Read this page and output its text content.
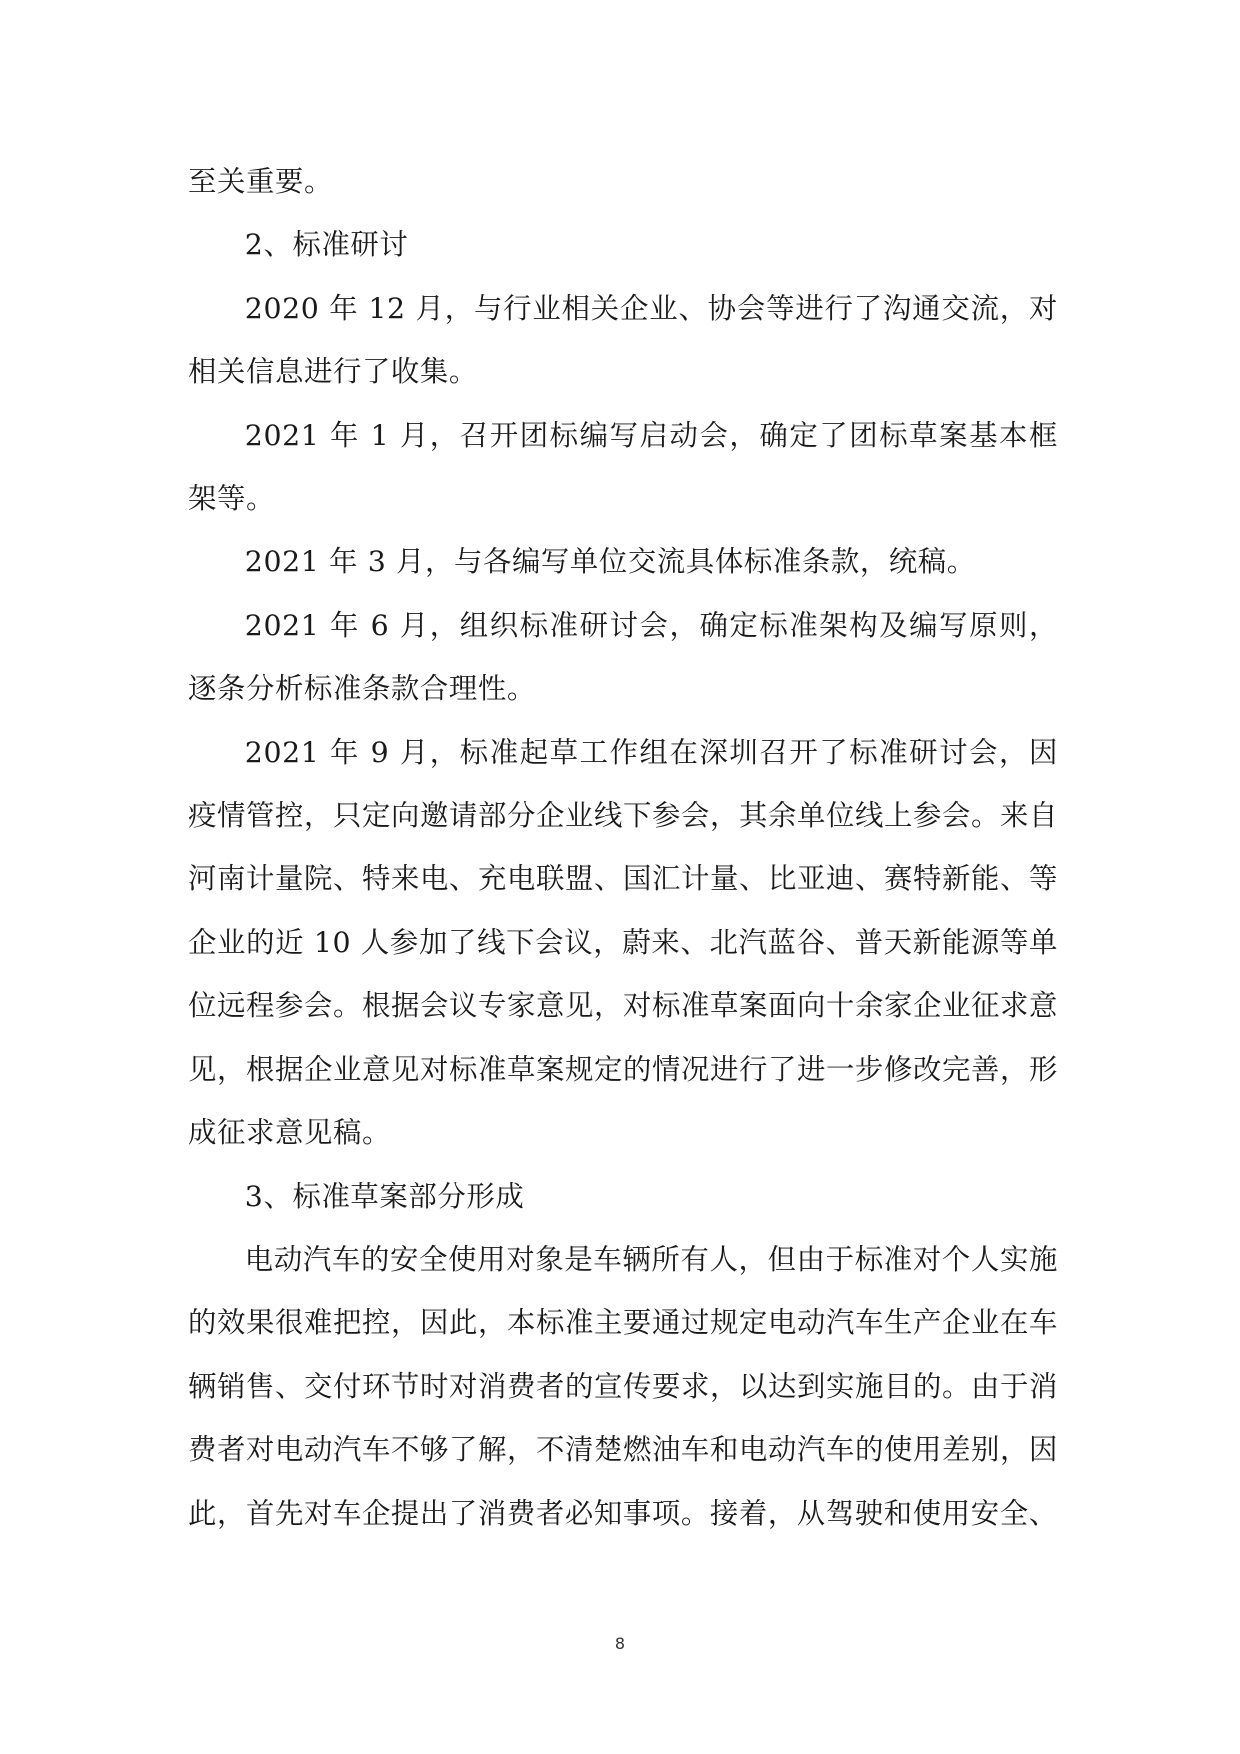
至关重要。

2、标准研讨

2020 年 12 月，与行业相关企业、协会等进行了沟通交流，对相关信息进行了收集。

2021 年 1 月，召开团标编写启动会，确定了团标草案基本框架等。

2021 年 3 月，与各编写单位交流具体标准条款，统稿。

2021 年 6 月，组织标准研讨会，确定标准架构及编写原则，逐条分析标准条款合理性。

2021 年 9 月，标准起草工作组在深圳召开了标准研讨会，因疫情管控，只定向邀请部分企业线下参会，其余单位线上参会。来自河南计量院、特来电、充电联盟、国汇计量、比亚迪、赛特新能、等企业的近 10 人参加了线下会议，蔚来、北汽蓝谷、普天新能源等单位远程参会。根据会议专家意见，对标准草案面向十余家企业征求意见，根据企业意见对标准草案规定的情况进行了进一步修改完善，形成征求意见稿。

3、标准草案部分形成

电动汽车的安全使用对象是车辆所有人，但由于标准对个人实施的效果很难把控，因此，本标准主要通过规定电动汽车生产企业在车辆销售、交付环节时对消费者的宣传要求，以达到实施目的。由于消费者对电动汽车不够了解，不清楚燃油车和电动汽车的使用差别，因此，首先对车企提出了消费者必知事项。接着，从驾驶和使用安全、

8
